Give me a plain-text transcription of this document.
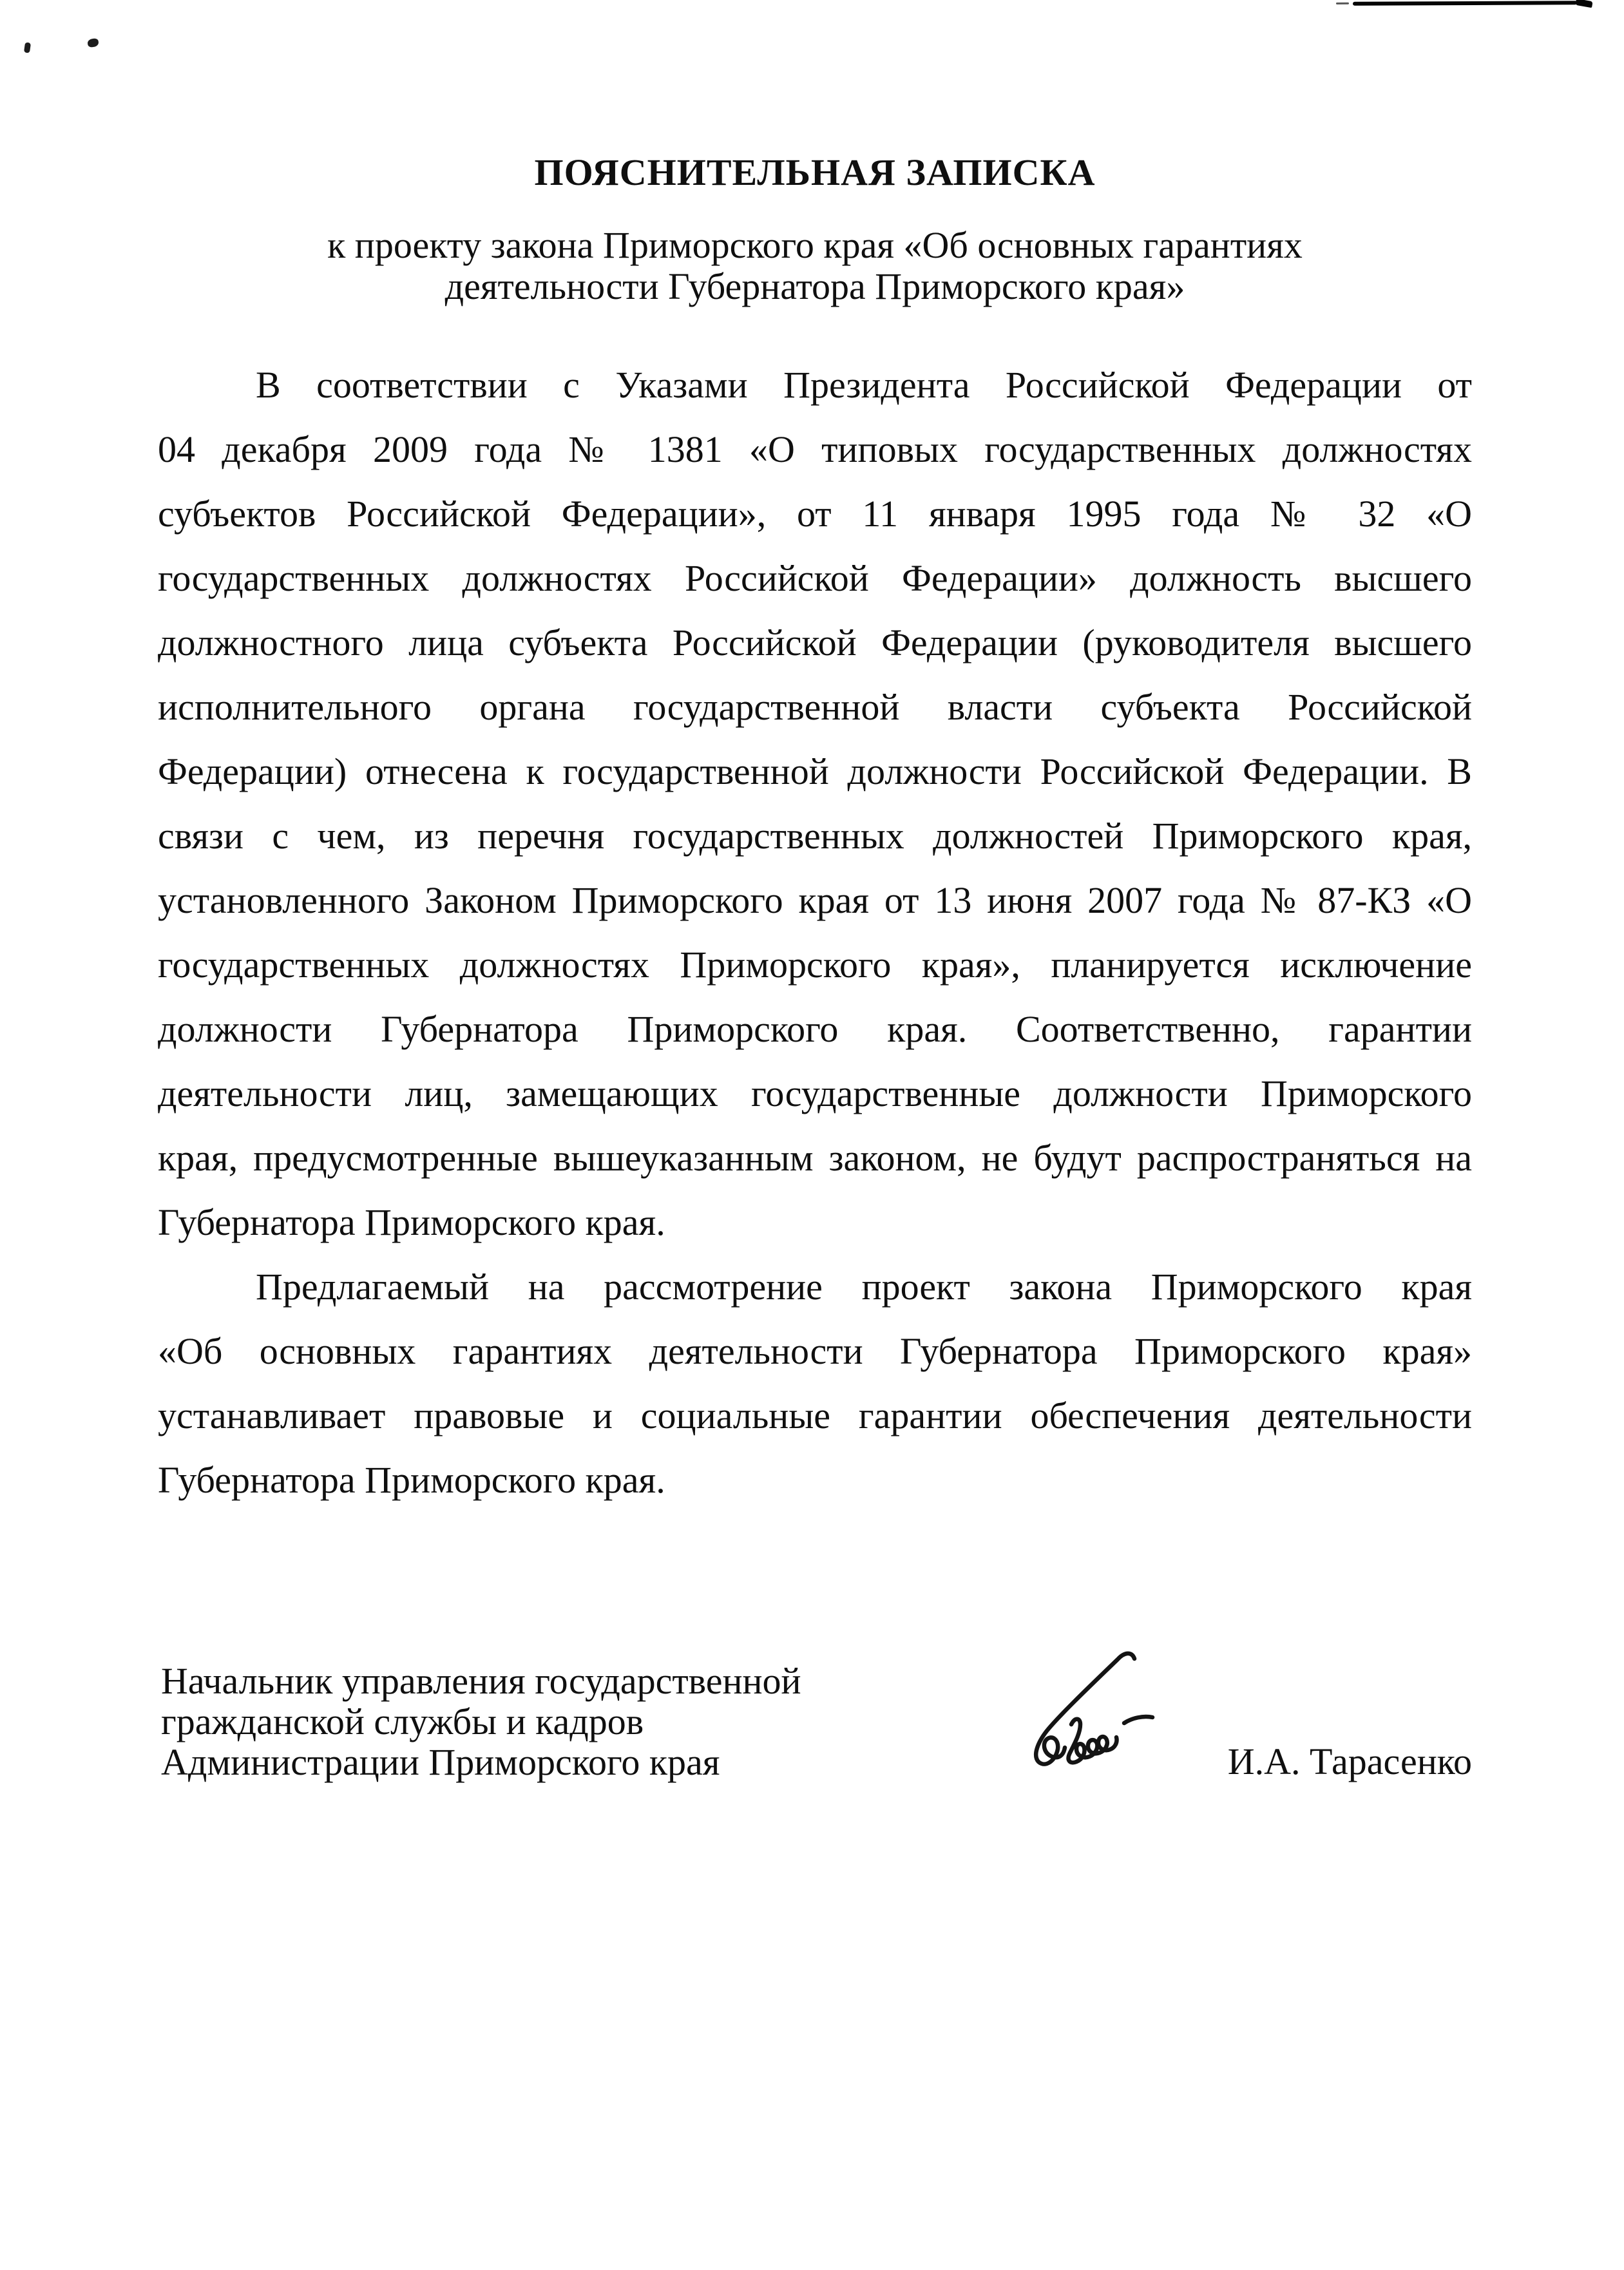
ПОЯСНИТЕЛЬНАЯ ЗАПИСКА
к проекту закона Приморского края «Об основных гарантиях
деятельности Губернатора Приморского края»
В соответствии с Указами Президента Российской Федерации от
04 декабря 2009 года № 1381 «О типовых государственных должностях
субъектов Российской Федерации», от 11 января 1995 года № 32 «О
государственных должностях Российской Федерации» должность высшего
должностного лица субъекта Российской Федерации (руководителя высшего
исполнительного органа государственной власти субъекта Российской
Федерации) отнесена к государственной должности Российской Федерации. В
связи с чем, из перечня государственных должностей Приморского края,
установленного Законом Приморского края от 13 июня 2007 года № 87-КЗ «О
государственных должностях Приморского края», планируется исключение
должности Губернатора Приморского края. Соответственно, гарантии
деятельности лиц, замещающих государственные должности Приморского
края, предусмотренные вышеуказанным законом, не будут распространяться на
Губернатора Приморского края.
Предлагаемый на рассмотрение проект закона Приморского края
«Об основных гарантиях деятельности Губернатора Приморского края»
устанавливает правовые и социальные гарантии обеспечения деятельности
Губернатора Приморского края.
Начальник управления государственной
гражданской службы и кадров
Администрации Приморского края	И.А. Тарасенко
